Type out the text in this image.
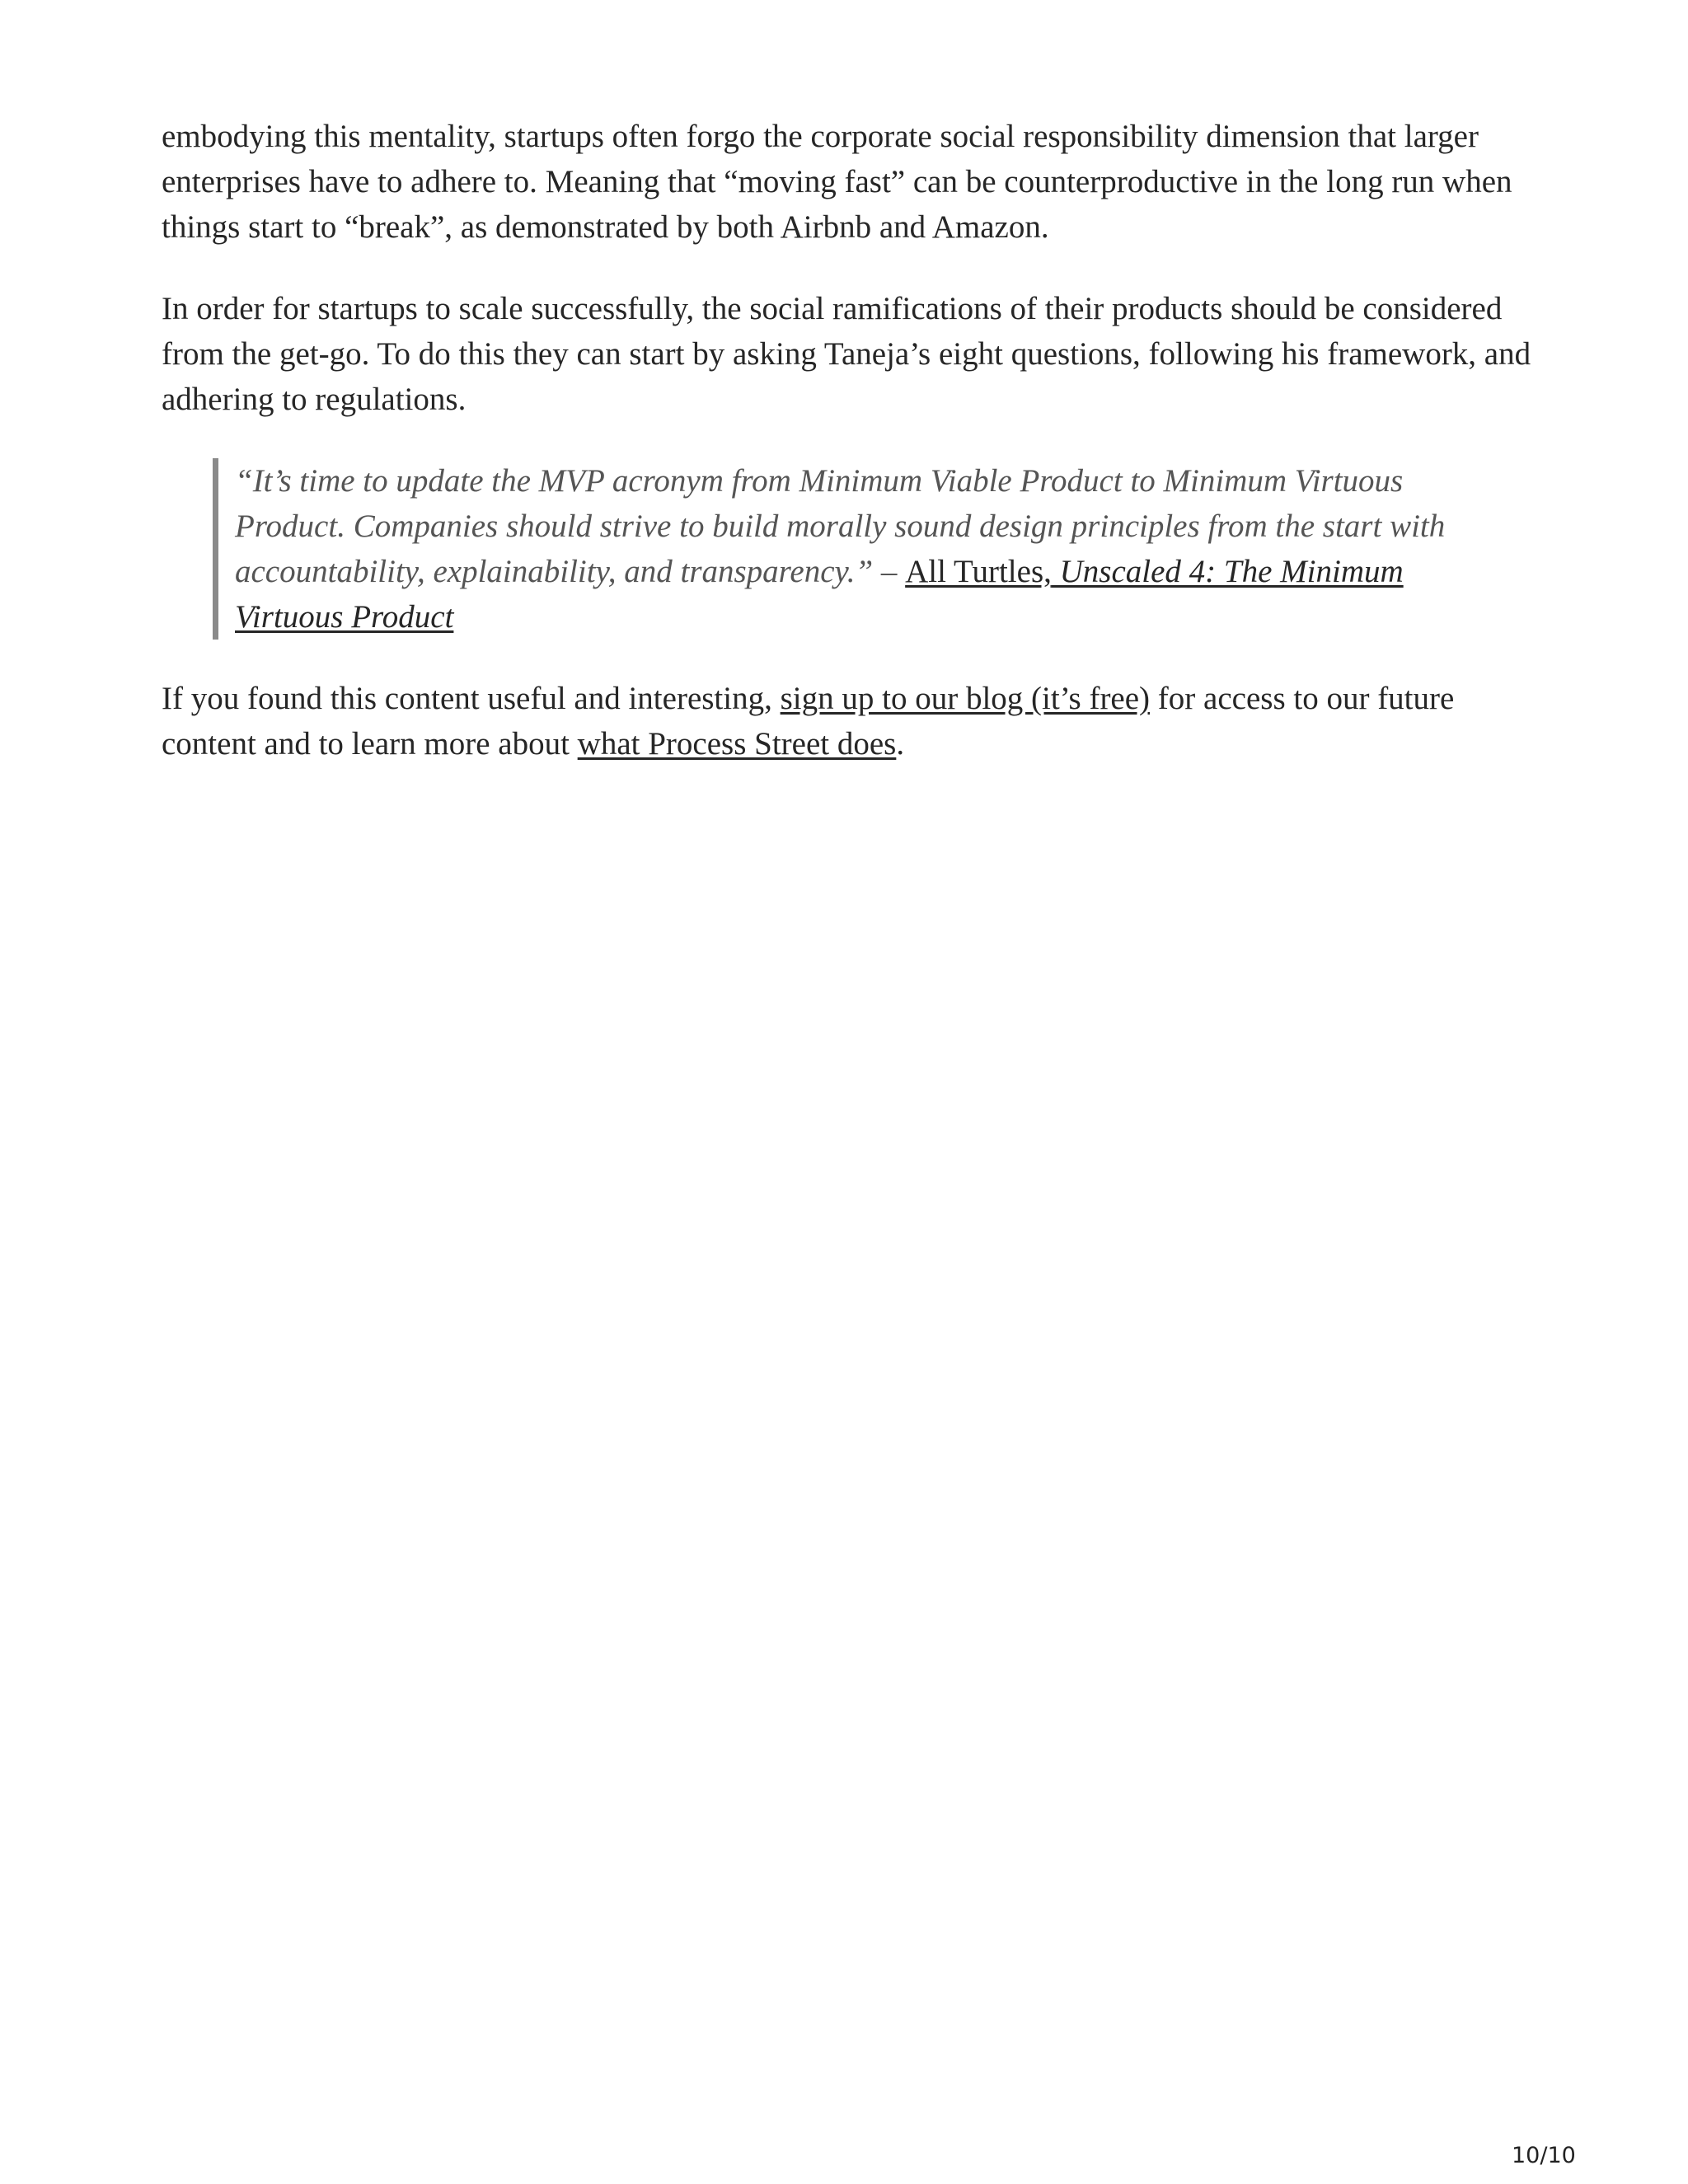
embodying this mentality, startups often forgo the corporate social responsibility dimension that larger enterprises have to adhere to. Meaning that “moving fast” can be counterproductive in the long run when things start to “break”, as demonstrated by both Airbnb and Amazon.

In order for startups to scale successfully, the social ramifications of their products should be considered from the get-go. To do this they can start by asking Taneja’s eight questions, following his framework, and adhering to regulations.

“It’s time to update the MVP acronym from Minimum Viable Product to Minimum Virtuous Product. Companies should strive to build morally sound design principles from the start with accountability, explainability, and transparency.” – All Turtles, Unscaled 4: The Minimum Virtuous Product

If you found this content useful and interesting, sign up to our blog (it’s free) for access to our future content and to learn more about what Process Street does.

10/10
